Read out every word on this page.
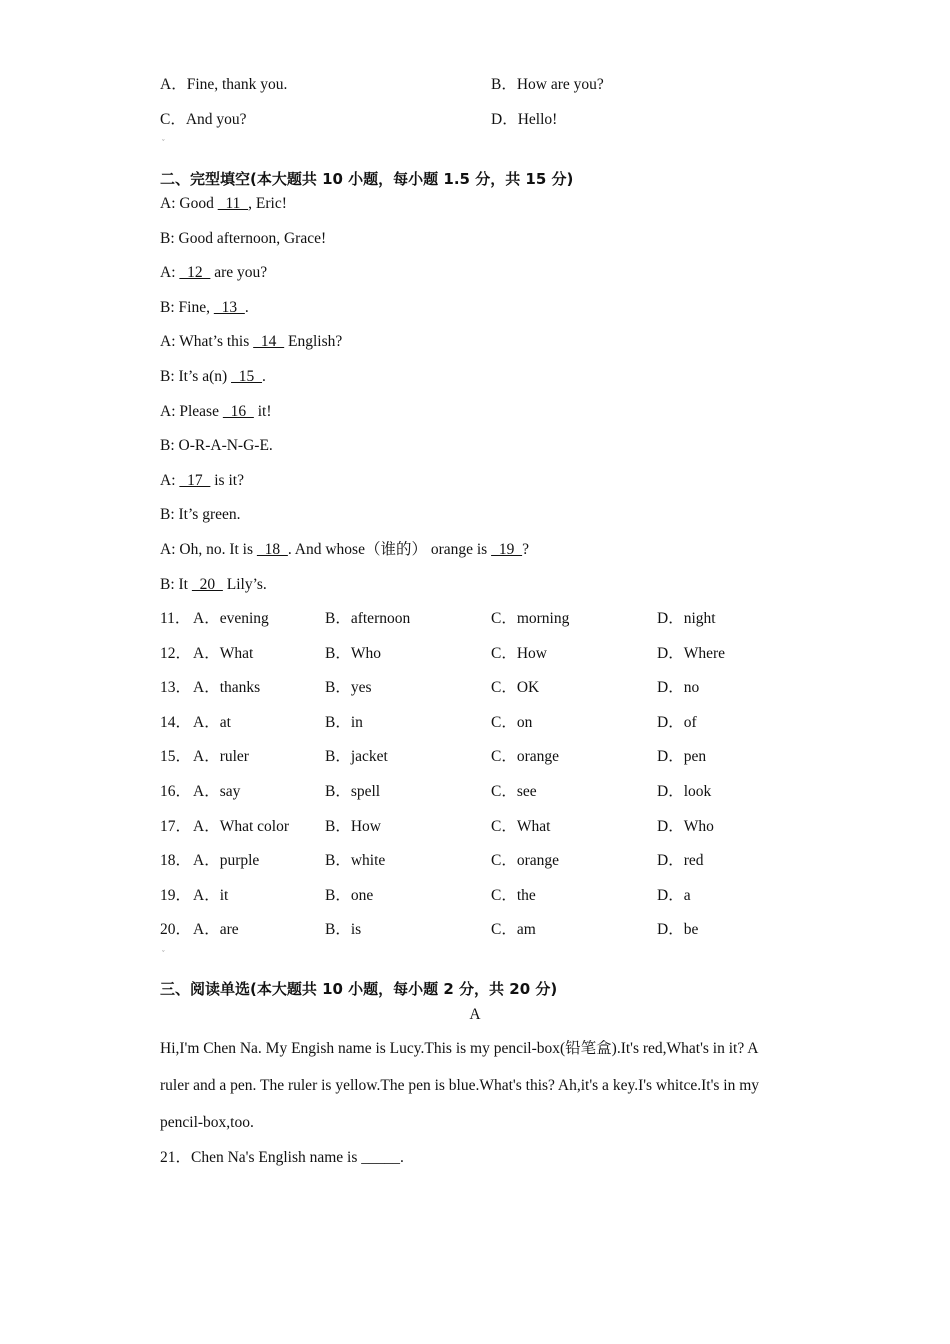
A．Fine, thank you.	B．How are you?
C．And you?	D．Hello!
ˇ
二、完型填空(本大题共 10 小题，每小题 1.5 分，共 15 分)
A: Good   11  , Eric!
B: Good afternoon, Grace!
A:   12   are you?
B: Fine,   13  .
A: What’s this   14   English?
B: It’s a(n)   15  .
A: Please   16   it!
B: O-R-A-N-G-E.
A:   17   is it?
B: It’s green.
A: Oh, no. It is   18  . And whose（谁的） orange is   19  ?
B: It   20   Lily’s.
11． A．evening	B．afternoon	C．morning	D．night
12． A．What	B．Who	C．How	D．Where
13． A．thanks	B．yes	C．OK	D．no
14． A．at	B．in	C．on	D．of
15． A．ruler	B．jacket	C．orange	D．pen
16． A．say	B．spell	C．see	D．look
17． A．What color B．How	C．What	D．Who
18． A．purple	B．white	C．orange	D．red
19． A．it	B．one	C．the	D．a
20． A．are	B．is	C．am	D．be
ˇ
三、阅读单选(本大题共 10 小题，每小题 2 分，共 20 分)
A
Hi,I'm Chen Na. My Engish name is Lucy.This is my pencil-box(铅笔盒).It's red,What's in it? A ruler and a pen. The ruler is yellow.The pen is blue.What's this? Ah,it's a key.I's whitce.It's in my pencil-box,too.
21．Chen Na's English name is _____.
